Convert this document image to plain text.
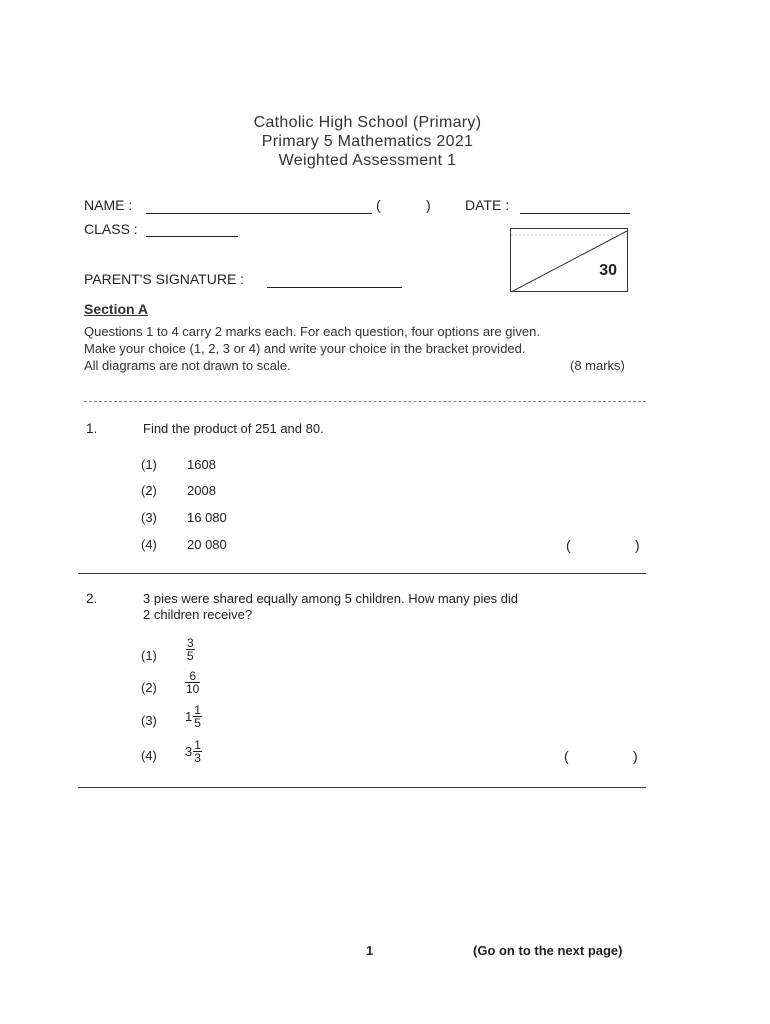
Catholic High School (Primary)
Primary 5 Mathematics 2021
Weighted Assessment 1
NAME :	(	) DATE :
CLASS :
30
PARENT'S SIGNATURE :
Section A
Questions 1 to 4 carry 2 marks each. For each question, four options are given.
Make your choice (1, 2, 3 or 4) and write your choice in the bracket provided.
All diagrams are not drawn to scale.	(8 marks)
1.	Find the product of 251 and 80.
(1) 1608
(2) 2008
(3) 16 080
(4) 20 080	(	)
2.	3 pies were shared equally among 5 children. How many pies did
2 children receive?
$(1) \frac{3}{5}$
$(2) \frac{6}{10}$
(3) $1 \frac{1}{5}$
(4) $3 \frac{1}{3}$	(	)
1	(Go on to the next page)
